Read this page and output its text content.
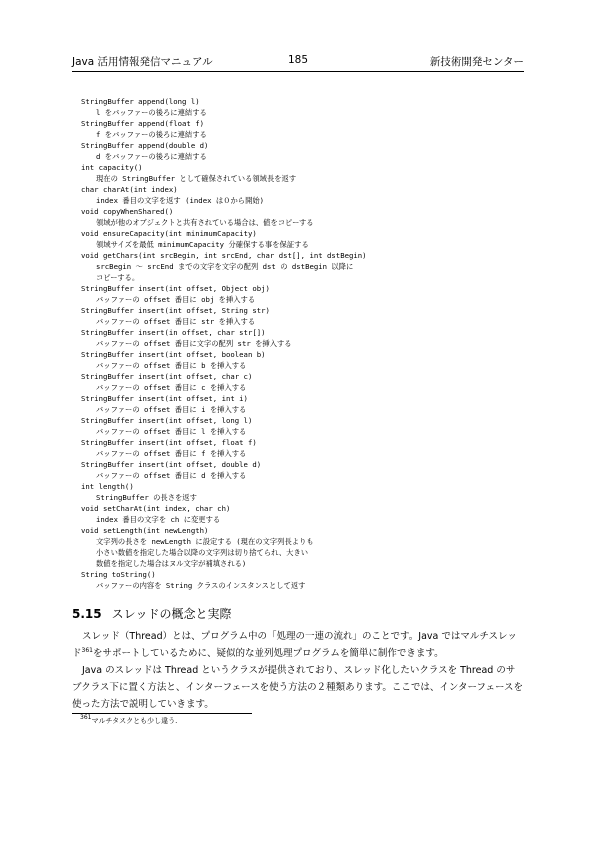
Java 活用情報発信マニュアル	185	新技術開発センター
StringBuffer append(long l)
l をバッファーの後ろに連結する
StringBuffer append(float f)
f をバッファーの後ろに連結する
StringBuffer append(double d)
d をバッファーの後ろに連結する
int capacity()
現在の StringBuffer として確保されている領域長を返す
char charAt(int index)
index 番目の文字を返す (index は０から開始)
void copyWhenShared()
領域が他のオブジェクトと共有されている場合は、値をコピーする
void ensureCapacity(int minimumCapacity)
領域サイズを最低 minimumCapacity 分確保する事を保証する
void getChars(int srcBegin, int srcEnd, char dst[], int dstBegin)
srcBegin 〜 srcEnd までの文字を文字の配列 dst の dstBegin 以降に
コピーする。
StringBuffer insert(int offset, Object obj)
バッファーの offset 番目に obj を挿入する
StringBuffer insert(int offset, String str)
バッファーの offset 番目に str を挿入する
StringBuffer insert(in offset, char str[])
バッファーの offset 番目に文字の配列 str を挿入する
StringBuffer insert(int offset, boolean b)
バッファーの offset 番目に b を挿入する
StringBuffer insert(int offset, char c)
バッファーの offset 番目に c を挿入する
StringBuffer insert(int offset, int i)
バッファーの offset 番目に i を挿入する
StringBuffer insert(int offset, long l)
バッファーの offset 番目に l を挿入する
StringBuffer insert(int offset, float f)
バッファーの offset 番目に f を挿入する
StringBuffer insert(int offset, double d)
バッファーの offset 番目に d を挿入する
int length()
StringBuffer の長さを返す
void setCharAt(int index, char ch)
index 番目の文字を ch に変更する
void setLength(int newLength)
文字列の長さを newLength に設定する (現在の文字列長よりも
小さい数値を指定した場合以降の文字列は切り捨てられ、大きい
数値を指定した場合はヌル文字が補填される)
String toString()
バッファーの内容を String クラスのインスタンスとして返す
5.15 スレッドの概念と実際

スレッド（Thread）とは、プログラム中の「処理の一連の流れ」のことです。Java ではマルチスレッド$^{361}$をサポートしているために、疑似的な並列処理プログラムを簡単に制作できます。

Java のスレッドは Thread というクラスが提供されており、スレッド化したいクラスを Thread のサブクラス下に置く方法と、インターフェースを使う方法の２種類あります。ここでは、インターフェースを使った方法で説明していきます。

$^{361}$マルチタスクとも少し違う.
